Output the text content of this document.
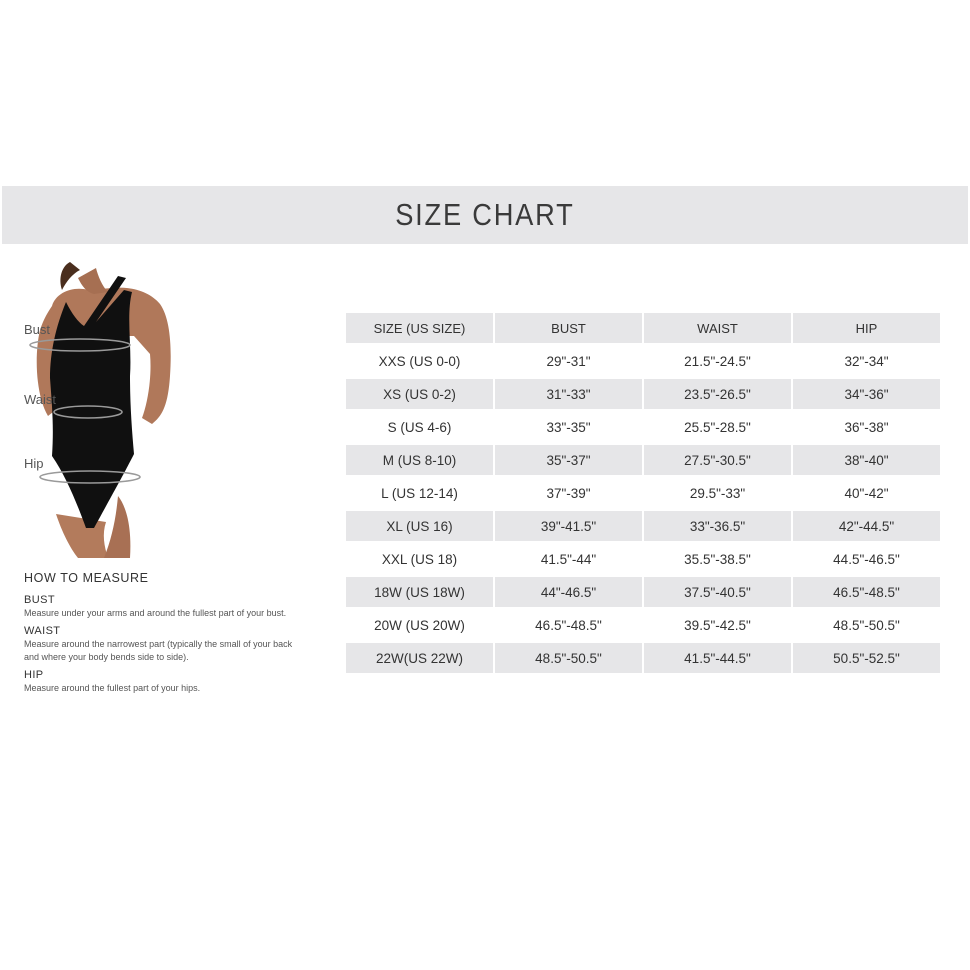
SIZE CHART
Bust
Waist
Hip
HOW TO MEASURE

BUST

Measure under your arms and around the fullest part of your bust.

WAIST

Measure around the narrowest part (typically the small of your back and where your body bends side to side).

HIP

Measure around the fullest part of your hips.

SIZE (US SIZE)	BUST	WAIST	HIP
XXS (US 0-0)	29"-31"	21.5"-24.5"	32"-34"
XS (US 0-2)	31"-33"	23.5"-26.5"	34"-36"
S (US 4-6)	33"-35"	25.5"-28.5"	36"-38"
M (US 8-10)	35"-37"	27.5"-30.5"	38"-40"
L (US 12-14)	37"-39"	29.5"-33"	40"-42"
XL (US 16)	39"-41.5"	33"-36.5"	42"-44.5"
XXL (US 18)	41.5"-44"	35.5"-38.5"	44.5"-46.5"
18W (US 18W)	44"-46.5"	37.5"-40.5"	46.5"-48.5"
20W (US 20W)	46.5"-48.5"	39.5"-42.5"	48.5"-50.5"
22W(US 22W)	48.5"-50.5"	41.5"-44.5"	50.5"-52.5"
